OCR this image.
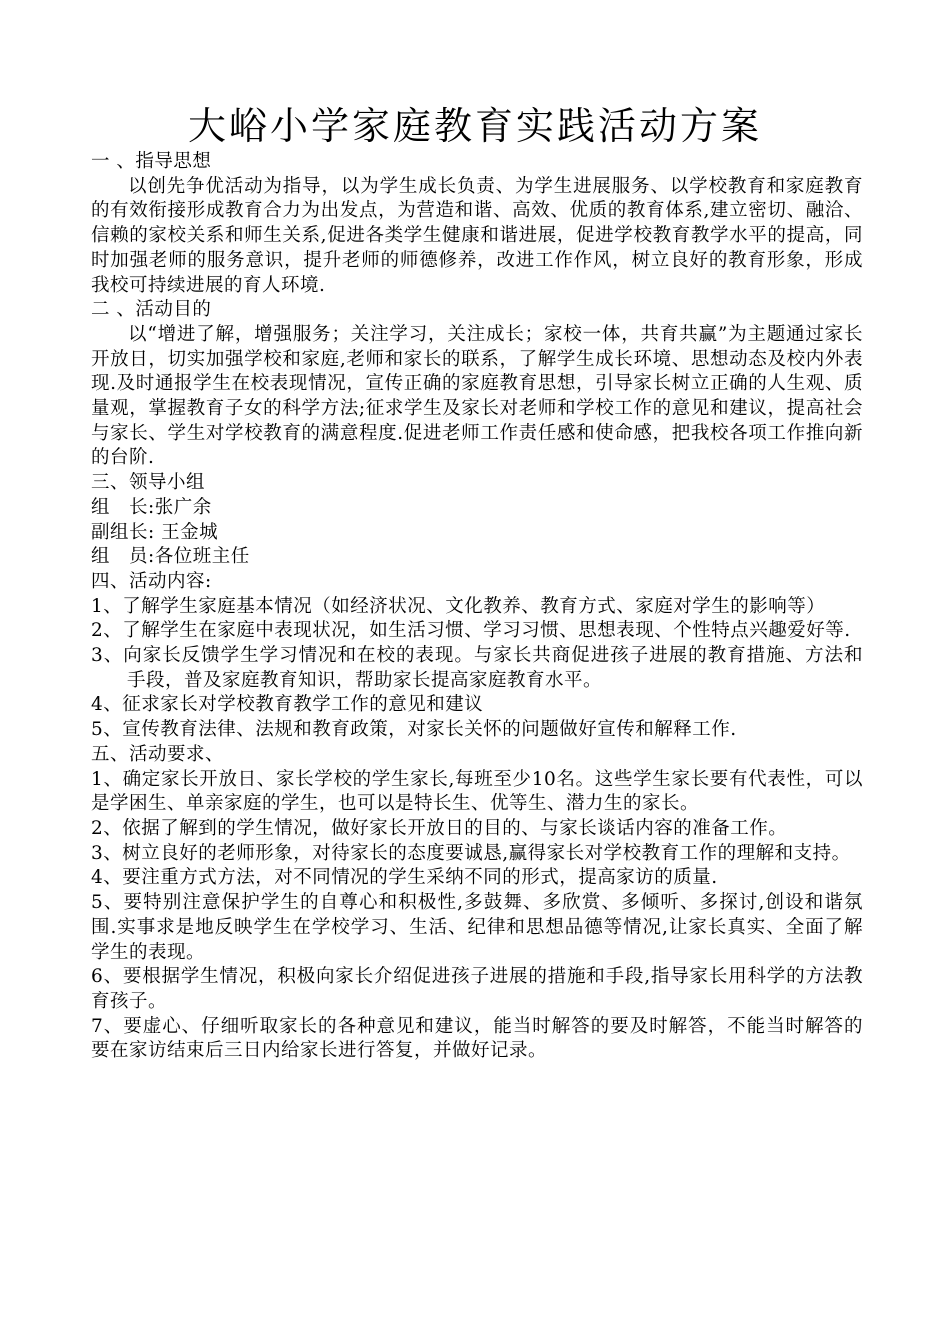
大峪小学家庭教育实践活动方案

一 、指导思想

以创先争优活动为指导，以为学生成长负责、为学生进展服务、以学校教育和家庭教育的有效衔接形成教育合力为出发点，为营造和谐、高效、优质的教育体系,建立密切、融洽、信赖的家校关系和师生关系,促进各类学生健康和谐进展，促进学校教育教学水平的提高，同时加强老师的服务意识，提升老师的师德修养，改进工作作风，树立良好的教育形象，形成我校可持续进展的育人环境.

二 、活动目的

以“增进了解，增强服务；关注学习，关注成长；家校一体，共育共赢”为主题通过家长开放日，切实加强学校和家庭,老师和家长的联系，了解学生成长环境、思想动态及校内外表现.及时通报学生在校表现情况，宣传正确的家庭教育思想，引导家长树立正确的人生观、质量观，掌握教育子女的科学方法;征求学生及家长对老师和学校工作的意见和建议，提高社会与家长、学生对学校教育的满意程度.促进老师工作责任感和使命感，把我校各项工作推向新的台阶.

三、领导小组

组 长:张广余

副组长: 王金城

组 员:各位班主任

四、活动内容:

1、了解学生家庭基本情况（如经济状况、文化教养、教育方式、家庭对学生的影响等）

2、了解学生在家庭中表现状况，如生活习惯、学习习惯、思想表现、个性特点兴趣爱好等.

3、向家长反馈学生学习情况和在校的表现。与家长共商促进孩子进展的教育措施、方法和手段，普及家庭教育知识，帮助家长提高家庭教育水平。

4、征求家长对学校教育教学工作的意见和建议

5、宣传教育法律、法规和教育政策，对家长关怀的问题做好宣传和解释工作.

五、活动要求、

1、确定家长开放日、家长学校的学生家长,每班至少10名。这些学生家长要有代表性，可以是学困生、单亲家庭的学生，也可以是特长生、优等生、潜力生的家长。

2、依据了解到的学生情况，做好家长开放日的目的、与家长谈话内容的准备工作。

3、树立良好的老师形象，对待家长的态度要诚恳,赢得家长对学校教育工作的理解和支持。

4、要注重方式方法，对不同情况的学生采纳不同的形式，提高家访的质量.

5、要特别注意保护学生的自尊心和积极性,多鼓舞、多欣赏、多倾听、多探讨,创设和谐氛围.实事求是地反映学生在学校学习、生活、纪律和思想品德等情况,让家长真实、全面了解学生的表现。

6、要根据学生情况，积极向家长介绍促进孩子进展的措施和手段,指导家长用科学的方法教育孩子。

7、要虚心、仔细听取家长的各种意见和建议，能当时解答的要及时解答，不能当时解答的要在家访结束后三日内给家长进行答复，并做好记录。
